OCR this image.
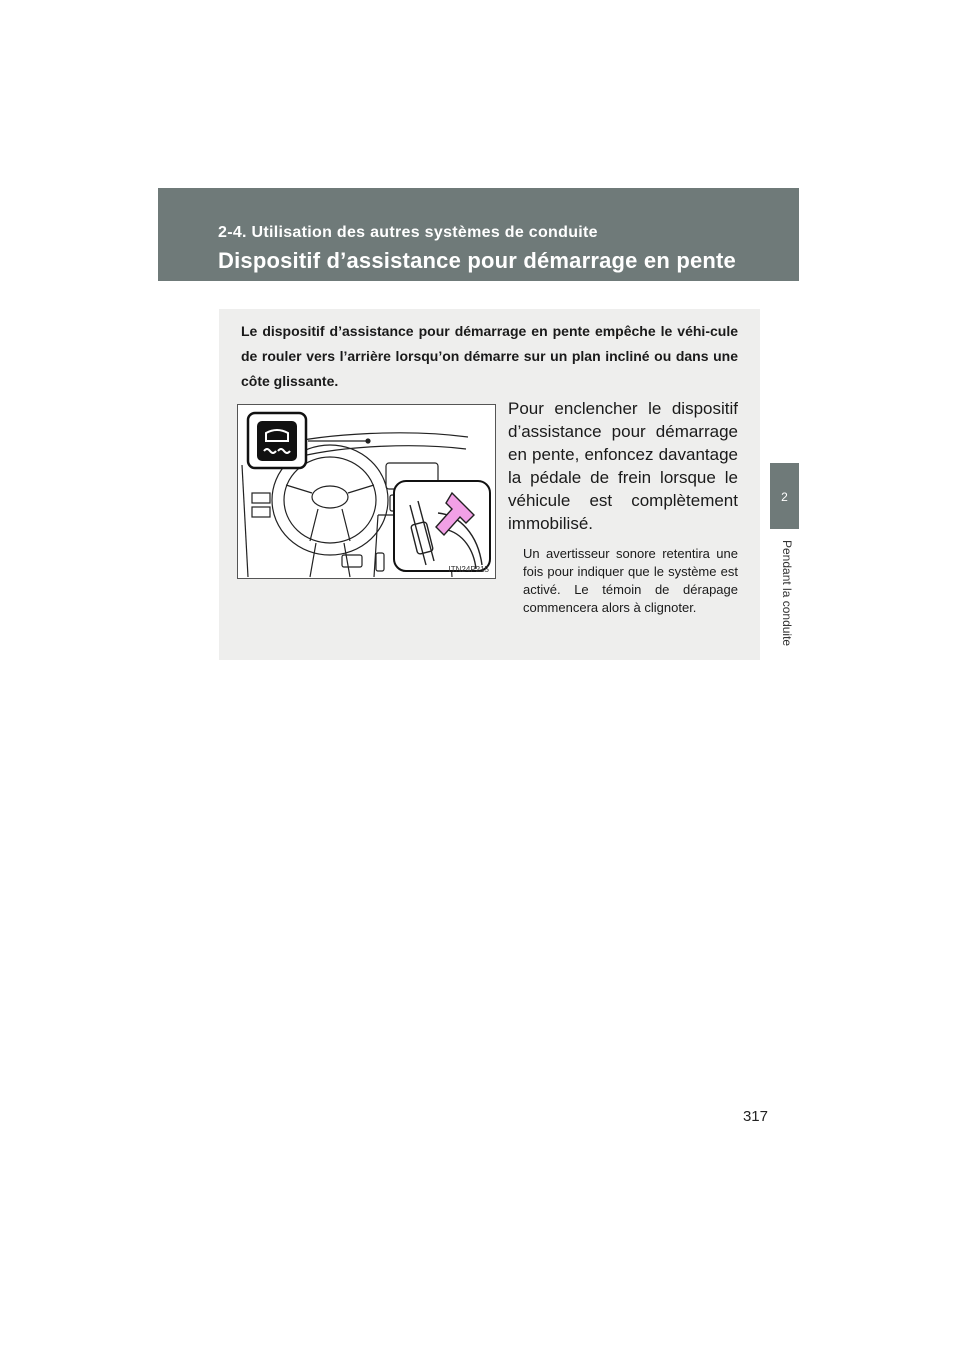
2-4. Utilisation des autres systèmes de conduite
Dispositif d’assistance pour démarrage en pente
2
Pendant la conduite
Le dispositif d’assistance pour démarrage en pente empêche le véhi-cule de rouler vers l’arrière lorsqu’on démarre sur un plan incliné ou dans une côte glissante.
ITN24P215
Pour enclencher le dispositif d’assistance pour démarrage en pente, enfoncez davantage la pédale de frein lorsque le véhicule est complètement immobilisé.
Un avertisseur sonore retentira une fois pour indiquer que le système est activé. Le témoin de dérapage commencera alors à clignoter.
317
